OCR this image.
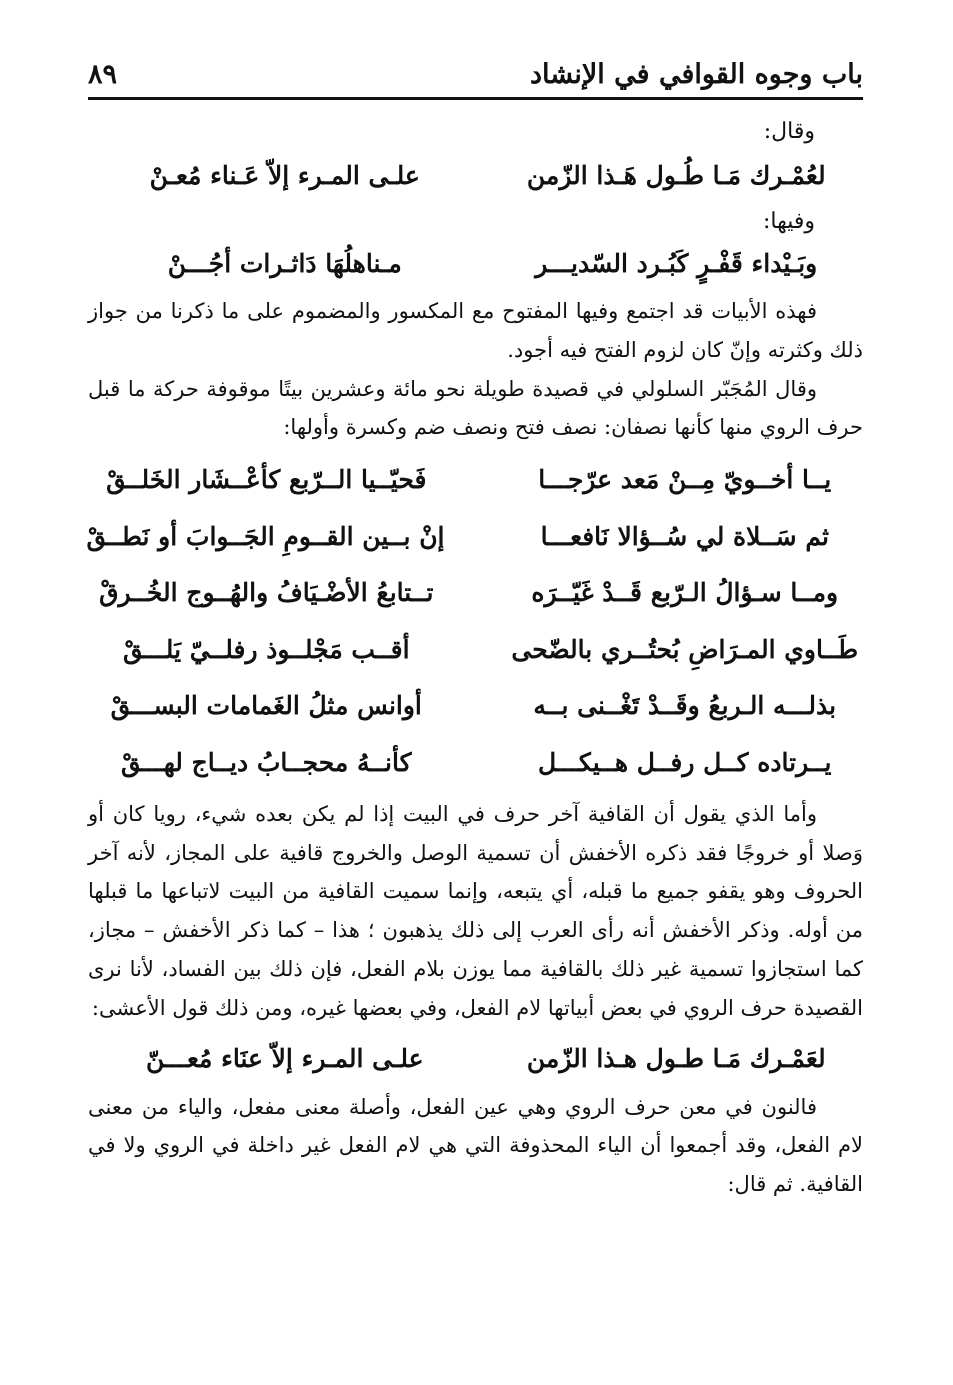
باب وجوه القوافي في الإنشاد
٨٩
وقال:
لعُمْـرك مَـا طُـول هَـذا الزّمن
علـى المـرء إلاّ عَـناء مُعـنْ
وفيها:
وبَـيْداء قَفْـرٍ كَبُـرد السّديـــر
مـناهلُهَا دَاثـرات أجُـــنْ

فهذه الأبيات قد اجتمع وفيها المفتوح مع المكسور والمضموم على ما ذكرنا من جواز ذلك وكثرته وإنّ كان لزوم الفتح فيه أجود.

وقال المُجَبّر السلولي في قصيدة طويلة نحو مائة وعشرين بيتًا موقوفة حركة ما قبل حرف الروي منها كأنها نصفان: نصف فتح ونصف ضم وكسرة وأولها:

يــا أخــويّ مِــنْ مَعد عرّجـــا
فَحيّــيا الــرّبع كأعْــشَار الخَلــقْ
ثم سَــلاة لي سُــؤالا نَافعـــا
إنْ بــين القــومِ الجَــوابَ أو نَطــقْ
ومــا سـؤالُ الـرّبع قَــدْ غَيّــرَه
تــتابعُ الأضْـيَافُ والهُــوج الخُــرقْ
طَــاوي المـرَاضِ بُحتُــري بالضّحى
أقــب مَجْلــوذ رفلــيّ يَلـــقْ
بذلـــه الـربعُ وقَــدْ تَغْــنى بــه
أوانس مثلُ الغَمامات البســـقْ
يــرتاده كــل رفــل هــيكـــل
كأنــهُ محجــابُ ديــاج لهـــقْ

وأما الذي يقول أن القافية آخر حرف في البيت إذا لم يكن بعده شيء، رويا كان أو وَصلا أو خروجًا فقد ذكره الأخفش أن تسمية الوصل والخروج قافية على المجاز، لأنه آخر الحروف وهو يقفو جميع ما قبله، أي يتبعه، وإنما سميت القافية من البيت لاتباعها ما قبلها من أوله. وذكر الأخفش أنه رأى العرب إلى ذلك يذهبون ؛ هذا – كما ذكر الأخفش – مجاز، كما استجازوا تسمية غير ذلك بالقافية مما يوزن بلام الفعل، فإن ذلك بين الفساد، لأنا نرى القصيدة حرف الروي في بعض أبياتها لام الفعل، وفي بعضها غيره، ومن ذلك قول الأعشى:

لعَمْـرك مَـا طـول هـذا الزّمن
علـى المـرء إلاّ عنَاء مُعـــنّ

فالنون في معن حرف الروي وهي عين الفعل، وأصلة معنى مفعل، والياء من معنى لام الفعل، وقد أجمعوا أن الياء المحذوفة التي هي لام الفعل غير داخلة في الروي ولا في القافية. ثم قال:
